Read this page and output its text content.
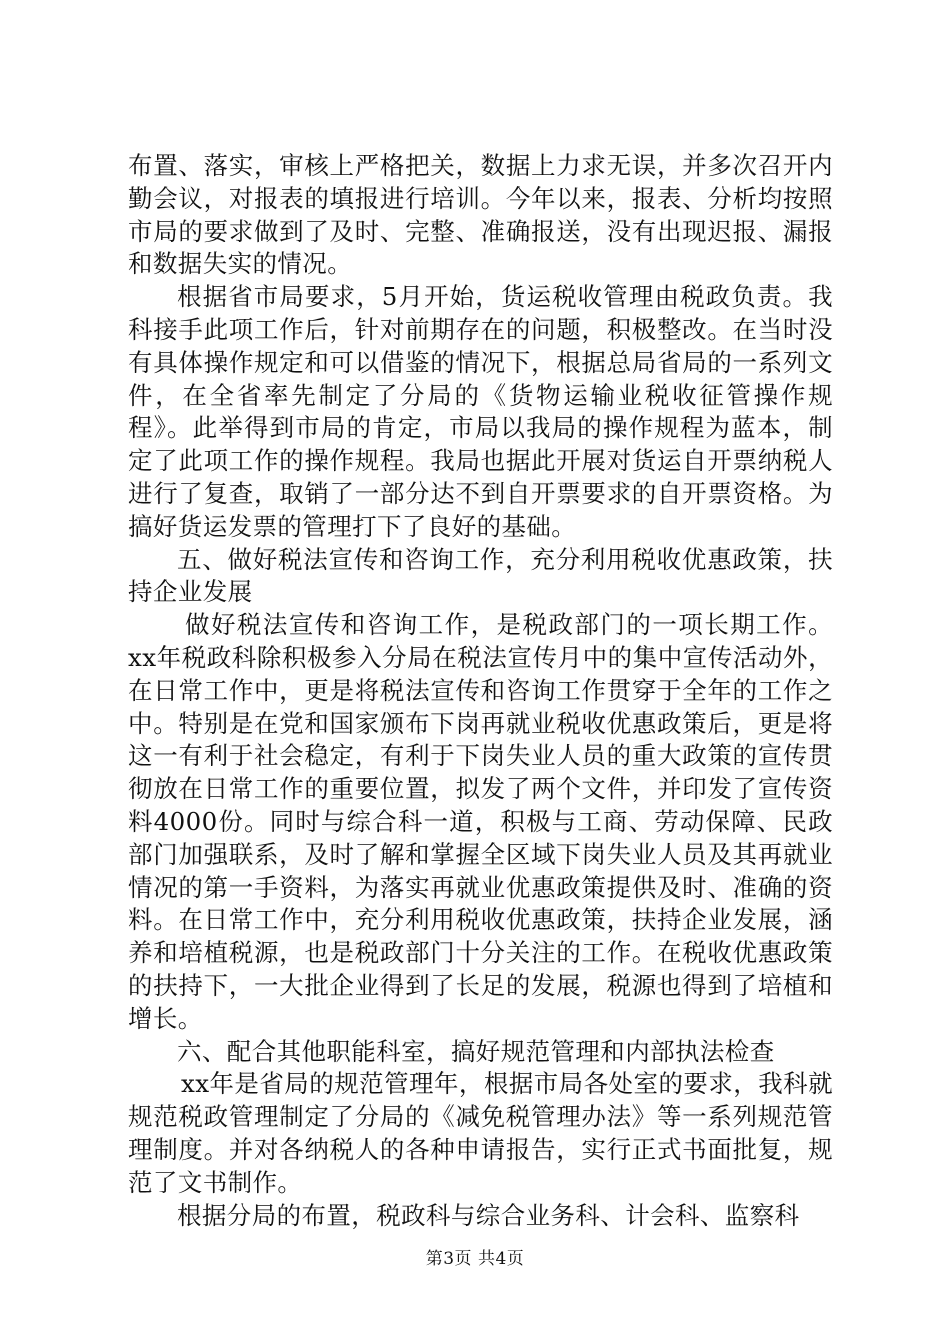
布置、落实，审核上严格把关，数据上力求无误，并多次召开内勤会议，对报表的填报进行培训。今年以来，报表、分析均按照市局的要求做到了及时、完整、准确报送，没有出现迟报、漏报和数据失实的情况。

根据省市局要求，5月开始，货运税收管理由税政负责。我科接手此项工作后，针对前期存在的问题，积极整改。在当时没有具体操作规定和可以借鉴的情况下，根据总局省局的一系列文件，在全省率先制定了分局的《货物运输业税收征管操作规程》。此举得到市局的肯定，市局以我局的操作规程为蓝本，制定了此项工作的操作规程。我局也据此开展对货运自开票纳税人进行了复查，取销了一部分达不到自开票要求的自开票资格。为搞好货运发票的管理打下了良好的基础。

五、做好税法宣传和咨询工作，充分利用税收优惠政策，扶持企业发展

做好税法宣传和咨询工作，是税政部门的一项长期工作。xx年税政科除积极参入分局在税法宣传月中的集中宣传活动外，在日常工作中，更是将税法宣传和咨询工作贯穿于全年的工作之中。特别是在党和国家颁布下岗再就业税收优惠政策后，更是将这一有利于社会稳定，有利于下岗失业人员的重大政策的宣传贯彻放在日常工作的重要位置，拟发了两个文件，并印发了宣传资料4000份。同时与综合科一道，积极与工商、劳动保障、民政部门加强联系，及时了解和掌握全区域下岗失业人员及其再就业情况的第一手资料，为落实再就业优惠政策提供及时、准确的资料。在日常工作中，充分利用税收优惠政策，扶持企业发展，涵养和培植税源，也是税政部门十分关注的工作。在税收优惠政策的扶持下，一大批企业得到了长足的发展，税源也得到了培植和增长。

六、配合其他职能科室，搞好规范管理和内部执法检查

xx年是省局的规范管理年，根据市局各处室的要求，我科就规范税政管理制定了分局的《减免税管理办法》等一系列规范管理制度。并对各纳税人的各种申请报告，实行正式书面批复，规范了文书制作。

根据分局的布置，税政科与综合业务科、计会科、监察科

第3页 共4页
